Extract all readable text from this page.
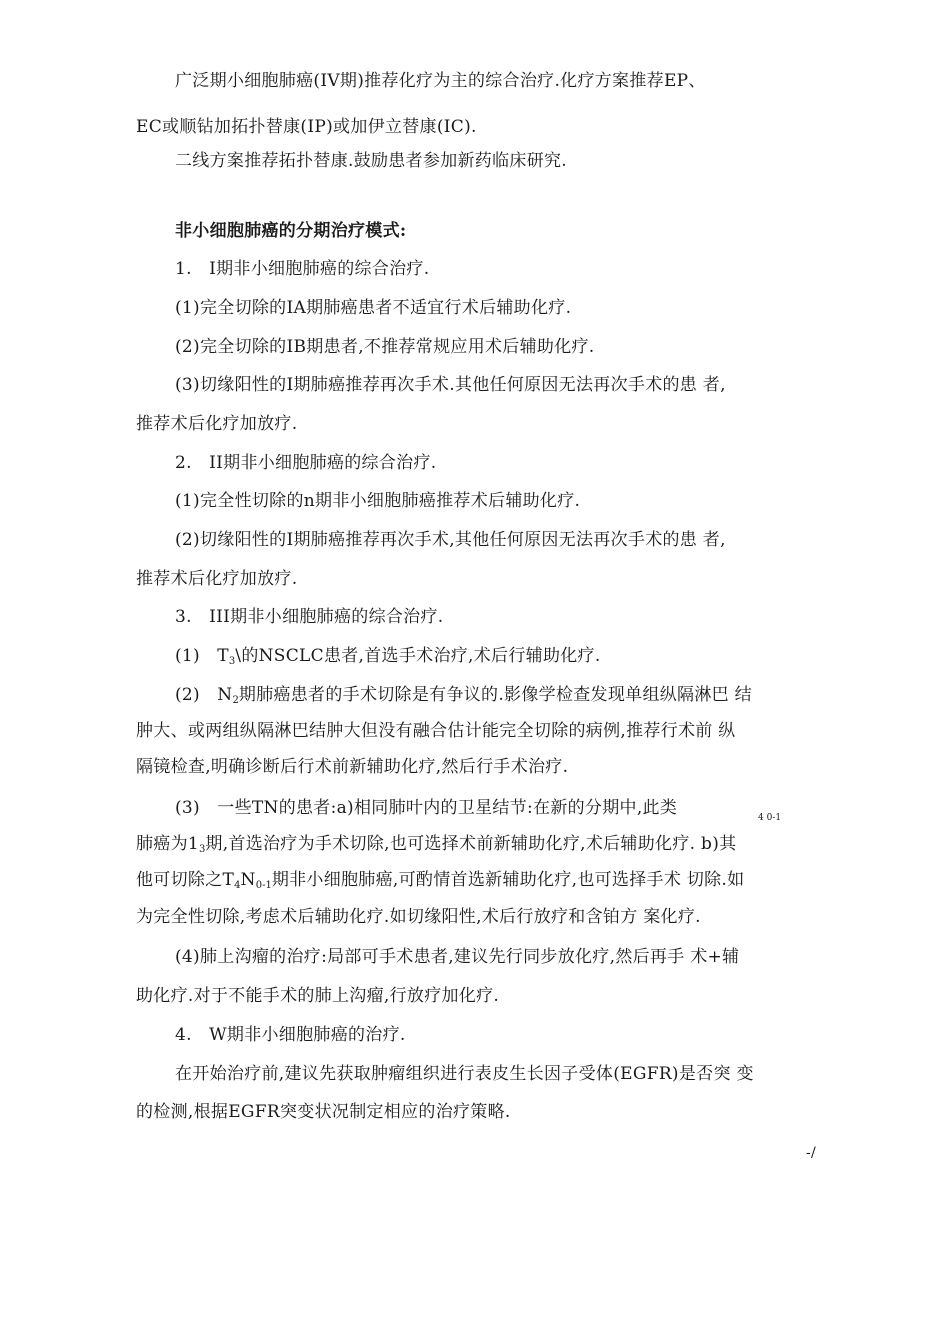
广泛期小细胞肺癌(IV期)推荐化疗为主的综合治疗.化疗方案推荐EP、
EC或顺钻加拓扑替康(IP)或加伊立替康(IC).
二线方案推荐拓扑替康.鼓励患者参加新药临床研究.
非小细胞肺癌的分期治疗模式:
1.　I期非小细胞肺癌的综合治疗.
(1)完全切除的IA期肺癌患者不适宜行术后辅助化疗.
(2)完全切除的IB期患者,不推荐常规应用术后辅助化疗.
(3)切缘阳性的I期肺癌推荐再次手术.其他任何原因无法再次手术的患 者,
推荐术后化疗加放疗.
2.　II期非小细胞肺癌的综合治疗.
(1)完全性切除的n期非小细胞肺癌推荐术后辅助化疗.
(2)切缘阳性的I期肺癌推荐再次手术,其他任何原因无法再次手术的患 者,
推荐术后化疗加放疗.
3.　III期非小细胞肺癌的综合治疗.
(1)　$T_3\backslash$的NSCLC患者,首选手术治疗,术后行辅助化疗.
(2)　$N_2$期肺癌患者的手术切除是有争议的.影像学检查发现单组纵隔淋巴 结
肿大、或两组纵隔淋巴结肿大但没有融合估计能完全切除的病例,推荐行术前 纵
隔镜检查,明确诊断后行术前新辅助化疗,然后行手术治疗.
(3)　一些TN的患者:a)相同肺叶内的卫星结节:在新的分期中,此类	4 0-1
肺癌为$1_3$期,首选治疗为手术切除,也可选择术前新辅助化疗,术后辅助化疗. b)其
他可切除之$T_4N_{0-1}$期非小细胞肺癌,可酌情首选新辅助化疗,也可选择手术 切除.如
为完全性切除,考虑术后辅助化疗.如切缘阳性,术后行放疗和含铂方 案化疗.
(4)肺上沟瘤的治疗:局部可手术患者,建议先行同步放化疗,然后再手 术+辅
助化疗.对于不能手术的肺上沟瘤,行放疗加化疗.
4.　W期非小细胞肺癌的治疗.
在开始治疗前,建议先获取肿瘤组织进行表皮生长因子受体(EGFR)是否突 变
的检测,根据EGFR突变状况制定相应的治疗策略.
-/
